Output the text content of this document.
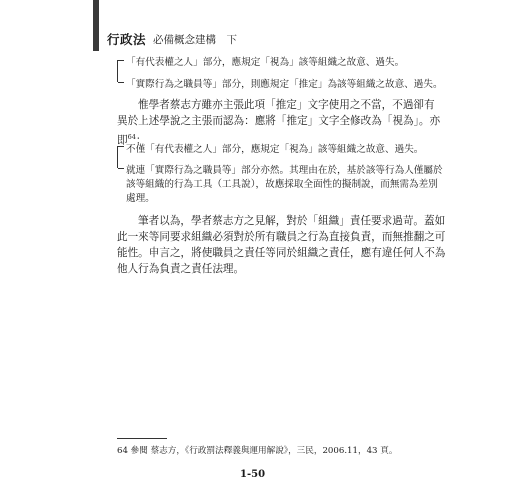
行政法 必備概念建構　下
「有代表權之人」部分，應規定「視為」該等組織之故意、過失。
「實際行為之職員等」部分，則應規定「推定」為該等組織之故意、過失。
惟學者蔡志方雖亦主張此項「推定」文字使用之不當，不過卻有
異於上述學說之主張而認為：應將「推定」文字全修改為「視為」。亦
即$^{64}$：
不僅「有代表權之人」部分，應規定「視為」該等組織之故意、過失。
就連「實際行為之職員等」部分亦然。其理由在於，基於該等行為人僅屬於
該等組織的行為工具（工具說），故應採取全面性的擬制說，而無需為差別
處理。
筆者以為，學者蔡志方之見解，對於「組織」責任要求過苛。蓋如
此一來等同要求組織必須對於所有職員之行為直接負責，而無推翻之可
能性。申言之，將使職員之責任等同於組織之責任，應有違任何人不為
他人行為負責之責任法理。
64 參閱 蔡志方，《行政罰法釋義與運用解說》，三民，2006.11，43 頁。
1-50
